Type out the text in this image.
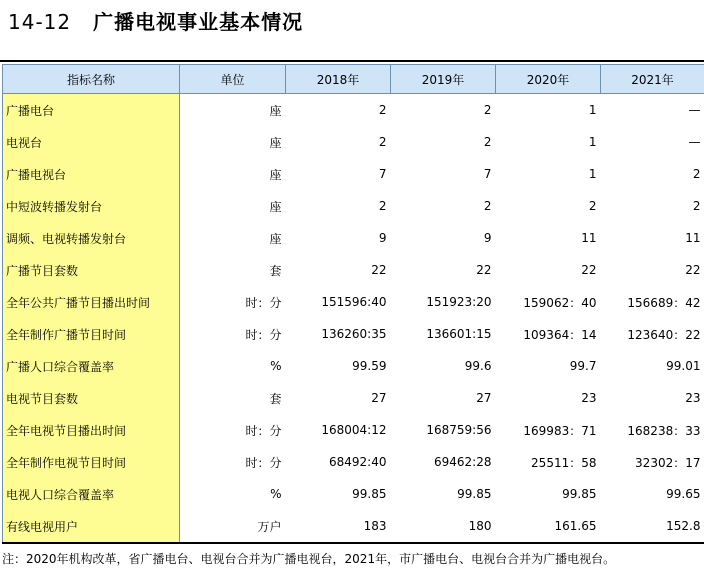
14-12 广播电视事业基本情况
指标名称	单位	2018年	2019年	2020年	2021年
广播电台	座	2	2	1	—
电视台	座	2	2	1	—
广播电视台	座	7	7	1	2
中短波转播发射台	座	2	2	2	2
调频、电视转播发射台	座	9	9	11	11
广播节目套数	套	22	22	22	22
全年公共广播节目播出时间	时：分	151596:40	151923:20	159062：40	156689：42
全年制作广播节目时间	时：分	136260:35	136601:15	109364：14	123640：22
广播人口综合覆盖率	%	99.59	99.6	99.7	99.01
电视节目套数	套	27	27	23	23
全年电视节目播出时间	时：分	168004:12	168759:56	169983：71	168238：33
全年制作电视节目时间	时：分	68492:40	69462:28	25511：58	32302：17
电视人口综合覆盖率	%	99.85	99.85	99.85	99.65
有线电视用户	万户	183	180	161.65	152.8
注：2020年机构改革，省广播电台、电视台合并为广播电视台，2021年，市广播电台、电视台合并为广播电视台。
